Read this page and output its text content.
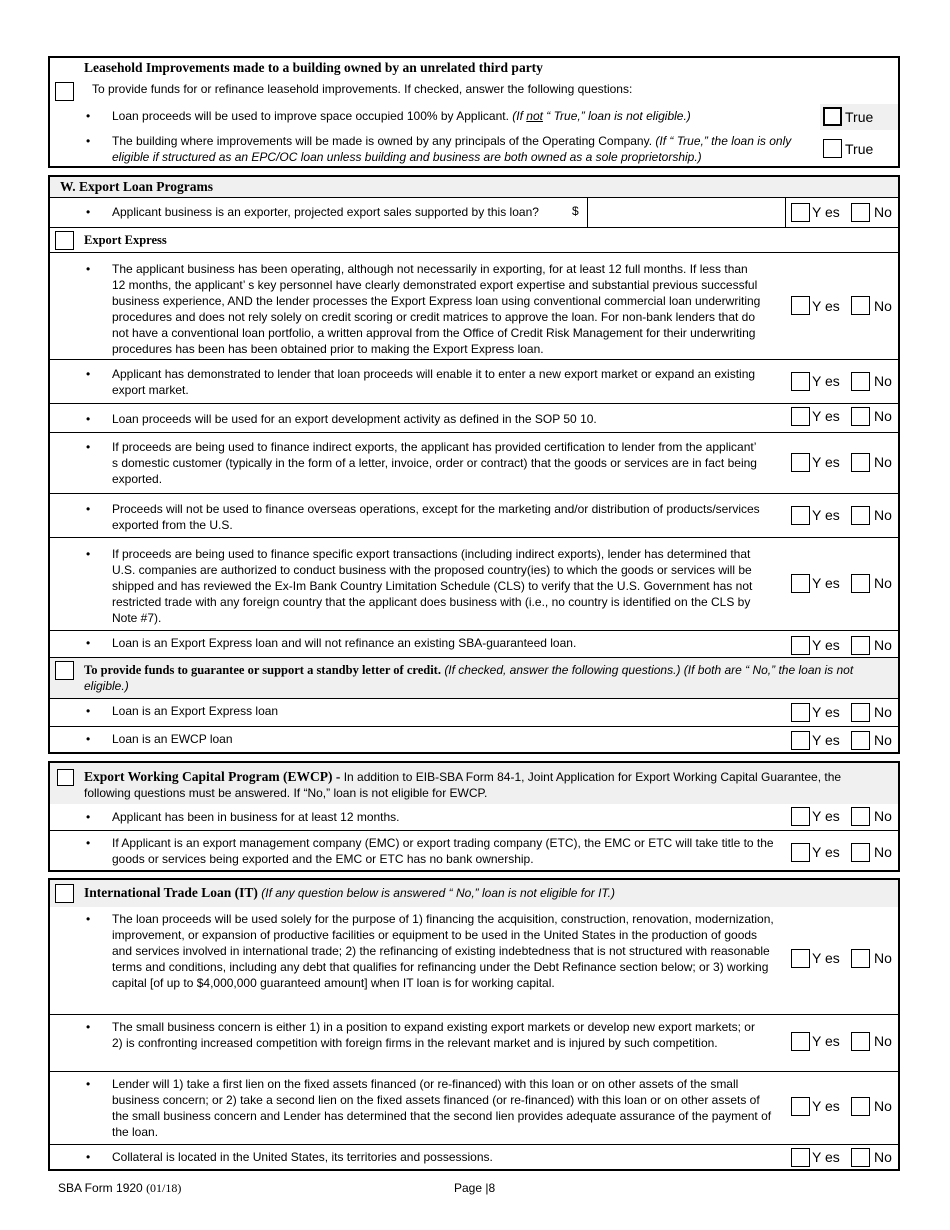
Leasehold Improvements made to a building owned by an unrelated third party
To provide funds for or refinance leasehold improvements. If checked, answer the following questions:
• Loan proceeds will be used to improve space occupied 100% by Applicant. (If not “ True,” loan is not eligible.)	True
• The building where improvements will be made is owned by any principals of the Operating Company. (If “ True,” the loan is only eligible if structured as an EPC/OC loan unless building and business are both owned as a sole proprietorship.)	True
W. Export Loan Programs
• Applicant business is an exporter, projected export sales supported by this loan?	$	Y es No
Export Express
• The applicant business has been operating, although not necessarily in exporting, for at least 12 full months. If less than 12 months, the applicant’ s key personnel have clearly demonstrated export expertise and substantial previous successful business experience, AND the lender processes the Export Express loan using conventional commercial loan underwriting procedures and does not rely solely on credit scoring or credit matrices to approve the loan. For non-bank lenders that do not have a conventional loan portfolio, a written approval from the Office of Credit Risk Management for their underwriting procedures has been has been obtained prior to making the Export Express loan.
Y es No
• Applicant has demonstrated to lender that loan proceeds will enable it to enter a new export market or expand an existing export market.
Y es No
• Loan proceeds will be used for an export development activity as defined in the SOP 50 10.	Y es No
• If proceeds are being used to finance indirect exports, the applicant has provided certification to lender from the applicant’ s domestic customer (typically in the form of a letter, invoice, order or contract) that the goods or services are in fact being exported.
Y es No
• Proceeds will not be used to finance overseas operations, except for the marketing and/or distribution of products/services exported from the U.S.
Y es No
• If proceeds are being used to finance specific export transactions (including indirect exports), lender has determined that U.S. companies are authorized to conduct business with the proposed country(ies) to which the goods or services will be shipped and has reviewed the Ex-Im Bank Country Limitation Schedule (CLS) to verify that the U.S. Government has not restricted trade with any foreign country that the applicant does business with (i.e., no country is identified on the CLS by Note #7).
Y es No
• Loan is an Export Express loan and will not refinance an existing SBA-guaranteed loan.	Y es No
To provide funds to guarantee or support a standby letter of credit. (If checked, answer the following questions.) (If both are “ No,” the loan is not eligible.)
• Loan is an Export Express loan	Y es No
• Loan is an EWCP loan	Y es No
Export Working Capital Program (EWCP) - In addition to EIB-SBA Form 84-1, Joint Application for Export Working Capital Guarantee, the following questions must be answered. If “No,” loan is not eligible for EWCP.
• Applicant has been in business for at least 12 months.	Y es No
• If Applicant is an export management company (EMC) or export trading company (ETC), the EMC or ETC will take title to the goods or services being exported and the EMC or ETC has no bank ownership.	Y es No
International Trade Loan (IT) (If any question below is answered “ No,” loan is not eligible for IT.)
• The loan proceeds will be used solely for the purpose of 1) financing the acquisition, construction, renovation, modernization, improvement, or expansion of productive facilities or equipment to be used in the United States in the production of goods and services involved in international trade; 2) the refinancing of existing indebtedness that is not structured with reasonable terms and conditions, including any debt that qualifies for refinancing under the Debt Refinance section below; or 3) working capital [of up to $4,000,000 guaranteed amount] when IT loan is for working capital.
Y es No
• The small business concern is either 1) in a position to expand existing export markets or develop new export markets; or 2) is confronting increased competition with foreign firms in the relevant market and is injured by such competition.	Y es No
• Lender will 1) take a first lien on the fixed assets financed (or re-financed) with this loan or on other assets of the small business concern; or 2) take a second lien on the fixed assets financed (or re-financed) with this loan or on other assets of the small business concern and Lender has determined that the second lien provides adequate assurance of the payment of the loan.
Y es No
• Collateral is located in the United States, its territories and possessions.	Y es No
SBA Form 1920 (01/18)	Page |8
